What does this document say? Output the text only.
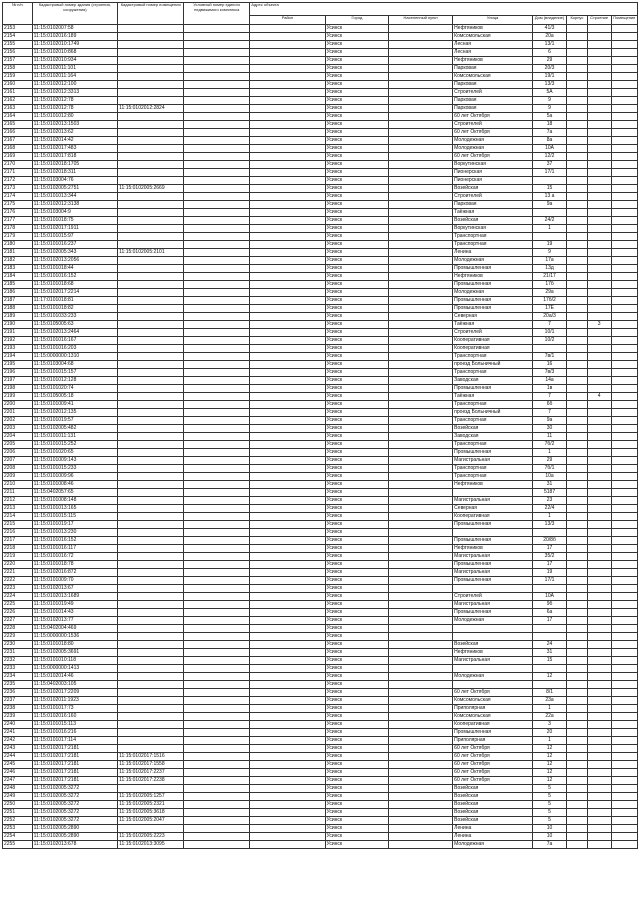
№ п/п	Кадастровый номер здания (строения, сооружения)	Кадастровый номер помещения	Условный номер единого недвижимого комплекса	Адрес объекта							
				Район	Город	Населенный пункт	Улица	Дом (владение)	Корпус	Строение	Помещение
2153	11:15:0102007:58				Усинск		Нефтяников	41/3			
2154	11:15:0102016:189				Усинск		Комсомольская	20а			
2155	11:15:0102010:1749				Усинск		Лесная	13/1			
2156	11:15:0102010:868				Усинск		Лесная	6			
2157	11:15:0102010:934				Усинск		Нефтяников	29			
2158	11:15:0102011:101				Усинск		Парковая	20/3			
2159	11:15:0102011:164				Усинск		Комсомольская	19/1			
2160	11:15:0102012:100				Усинск		Парковая	13/3			
2161	11:15:0102012:3313				Усинск		Строителей	5А			
2162	11:15:0102012:78				Усинск		Парковая	9			
2163	11:15:0102012:78	11:15:0102012:2824			Усинск		Парковая	9			
2164	11:15:0101012:80				Усинск		60 лет Октября	5а			
2165	11:15:0102013:1503				Усинск		Строителей	18			
2166	11:15:0102013:62				Усинск		60 лет Октября	7а			
2167	11:15:0102014:42				Усинск		Молодежная	8а			
2168	11:15:0102017:483				Усинск		Молодежная	10А			
2169	11:15:0102017:818				Усинск		60 лет Октября	12/2			
2170	11:15:0102018:1705				Усинск		Воркутинская	37			
2171	11:15:0102018:311				Усинск		Пионерская	17/1			
2172	11:15:0103004:76				Усинск		Пионерская				
2173	11:15:0102005:2751	11:15:0102005:2669			Усинск		Возейская	15			
2174	11:15:0101013:344				Усинск		Строителей	13 а			
2175	11:15:0102012:3138				Усинск		Парковая	9а			
2176	11:15:0103004:9				Усинск		Таёжная				
2177	11:15:0101018:75				Усинск		Возейская	24/2			
2178	11:15:0102017:1911				Усинск		Воркутинская	1			
2179	11:15:0101015:97				Усинск		Транспортная				
2180	11:15:0101016:237				Усинск		Транспортная	19			
2181	11:15:0102005:343	11:15:0102005:2101			Усинск		Ленина	9			
2182	11:15:0102013:2056				Усинск		Молодежная	17а			
2183	11:15:0101018:44				Усинск		Промышленная	13д			
2184	11:15:0101016:152				Усинск		Нефтяников	21/17			
2185	11:15:0101018:68				Усинск		Промышленная	17б			
2186	11:15:0102017:2214				Усинск		Молодежная	29а			
2187	11:17:0101018:81				Усинск		Промышленная	17б/2			
2188	11:15:0101018:82				Усинск		Промышленная	17Е			
2189	11:15:0101033:233				Усинск		Северная	20а/3			
2190	11:15:0105005:63				Усинск		Таёжная	7		3	
2191	11:15:0102013:2464				Усинск		Строителей	10/1			
2192	11:15:0101016:167				Усинск		Кооперативная	10/2			
2193	11:15:0101016:203				Усинск		Кооперативная				
2194	11:15:0000000:1310				Усинск		Транспортная	7в/1			
2195	11:15:0103004:68				Усинск		проезд Больничный	16			
2196	11:15:0101015:157				Усинск		Транспортная	7в/3			
2197	11:15:0101012:128				Усинск		Заводская	14а			
2198	11:15:0101020:74				Усинск		Промышленная	1в			
2199	11:15:0105005:18				Усинск		Таёжная	7		4	
2200	11:15:0101009:41				Усинск		Транспортная	6б			
2201	11:15:0102012:135				Усинск		проезд Больничный	7			
2202	11:15:0101019:57				Усинск		Транспортная	9а			
2203	11:15:0102005:482				Усинск		Возейская	30			
2204	11:15:0101011:131				Усинск		Заводская	11			
2205	11:15:0101015:252				Усинск		Транспортная	7б/2			
2206	11:15:0101020:65				Усинск		Промышленная	1			
2207	11:15:0101009:143				Усинск		Магистральная	29			
2208	11:15:0101015:233				Усинск		Транспортная	7б/1			
2209	11:15:0101009:96				Усинск		Транспортная	10а			
2210	11:15:0101008:46				Усинск		Нефтяников	31			
2211	11:15:0402057:65				Усинск			5187			
2212	11:15:0101008:148				Усинск		Магистральная	23			
2213	11:15:0101013:165				Усинск		Северная	22/4			
2214	11:15:0101015:115				Усинск		Кооперативная	1			
2215	11:15:0101019:17				Усинск		Промышленная	13/3			
2216	11:15:0101013:230				Усинск						
2217	11:15:0101016:152				Усинск		Промышленная	20/8б			
2218	11:15:0101016:117				Усинск		Нефтяников	17			
2219	11:15:0101016:72				Усинск		Магистральная	35/2			
2220	11:15:0101018:78				Усинск		Промышленная	17			
2221	11:15:0102016:872				Усинск		Магистральная	19			
2222	11:15:0101009:70				Усинск		Промышленная	17/1			
2223	11:15:0102013:67				Усинск						
2224	11:15:0102013:1689				Усинск		Строителей	10А			
2225	11:15:0101019:49				Усинск		Магистральная	9б			
2226	11:15:0101014:43				Усинск		Промышленная	6а			
2227	11:15:0102013:77				Усинск		Молодежная	17			
2228	11:15:0402004:469				Усинск						
2229	11:15:0000000:1536				Усинск						
2230	11:15:0101018:80				Усинск		Возейская	24			
2231	11:15:0102005:3691				Усинск		Нефтяников	31			
2232	11:15:0101010:118				Усинск		Магистральная	15			
2233	11:15:0000000:1413				Усинск						
2234	11:15:0102014:46				Усинск		Молодежная	12			
2235	11:15:0402003:105				Усинск						
2236	11:15:0102017:2209				Усинск		60 лет Октября	8/1			
2237	11:15:0102011:1923				Усинск		Комсомольская	23а			
2238	11:15:0101017:73				Усинск		Приполярная	1			
2239	11:15:0102016:160				Усинск		Комсомольская	22а			
2240	11:15:0101015:113				Усинск		Кооперативная	3			
2241	11:15:0101016:216				Усинск		Промышленная	20			
2242	11:15:0101017:114				Усинск		Приполярная	1			
2243	11:15:0102017:2181				Усинск		60 лет Октября	12			
2244	11:15:0102017:2181	11:15:0102017:1516			Усинск		60 лет Октября	12			
2245	11:15:0102017:2181	11:15:0102017:1558			Усинск		60 лет Октября	12			
2246	11:15:0102017:2181	11:15:0102017:2237			Усинск		60 лет Октября	12			
2247	11:15:0102017:2181	11:15:0102017:2238			Усинск		60 лет Октября	12			
2248	11:15:0102005:3272				Усинск		Возейская	5			
2249	11:15:0102005:3272	11:15:0102005:1257			Усинск		Возейская	5			
2250	11:15:0102005:3272	11:15:0102005:2321			Усинск		Возейская	5			
2251	11:15:0102005:3272	11:15:0102005:3618			Усинск		Возейская	5			
2252	11:15:0102005:3272	11:15:0102005:2047			Усинск		Возейская	5			
2253	11:15:0102005:2890				Усинск		Ленина	10			
2254	11:15:0102005:2890	11:15:0102005:2223			Усинск		Ленина	10			
2255	11:15:0102013:678	11:15:0102013:3095			Усинск		Молодежная	7а			
